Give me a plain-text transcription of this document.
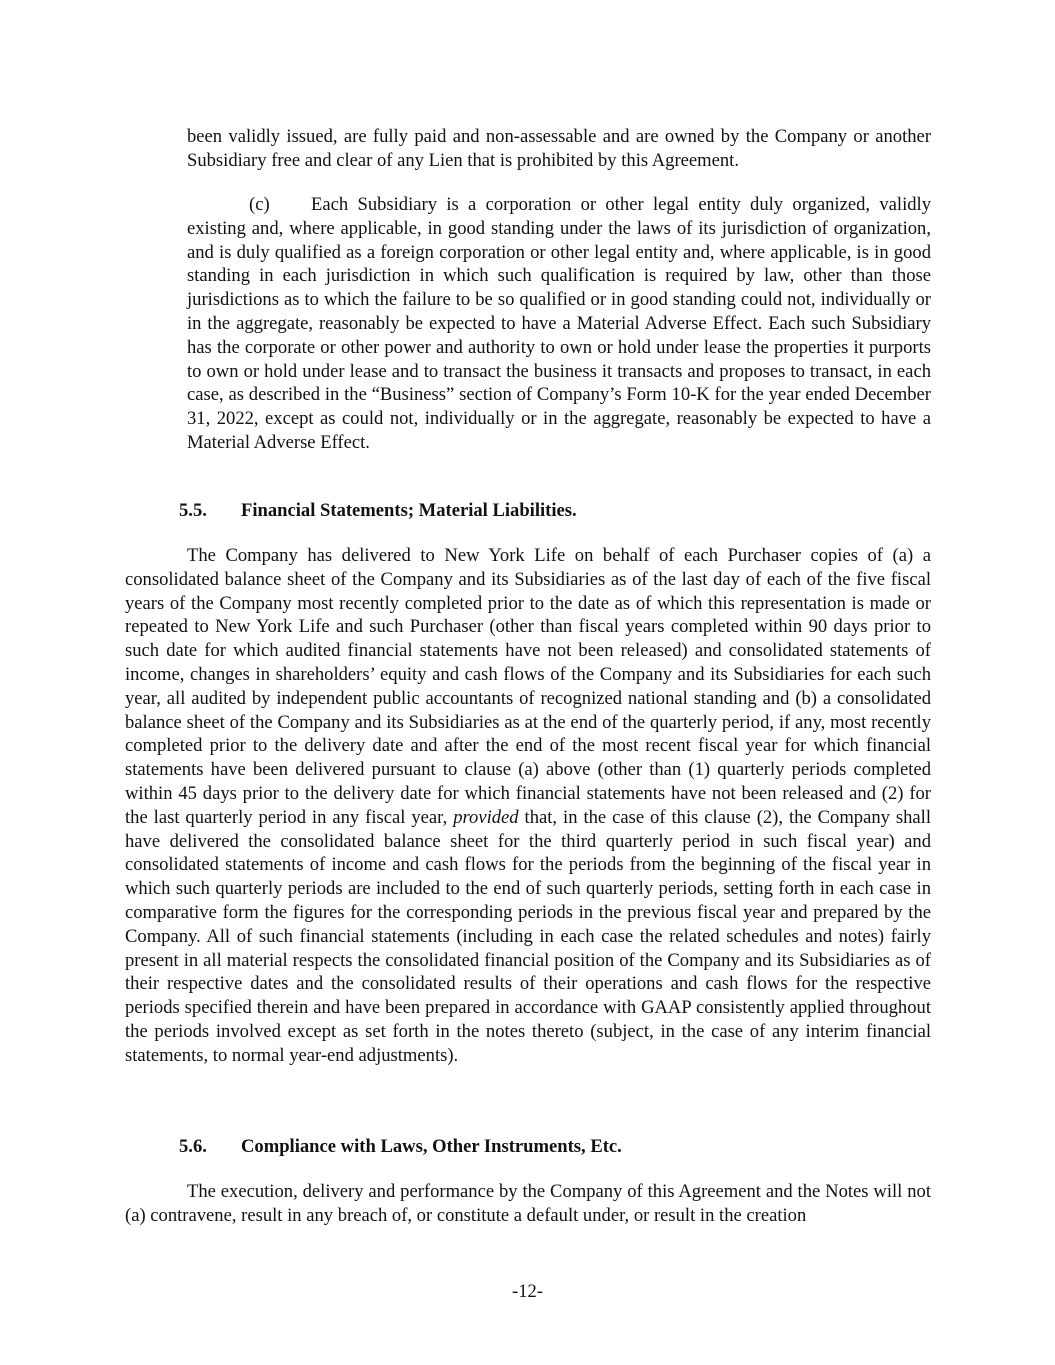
been validly issued, are fully paid and non-assessable and are owned by the Company or another Subsidiary free and clear of any Lien that is prohibited by this Agreement.

(c) Each Subsidiary is a corporation or other legal entity duly organized, validly existing and, where applicable, in good standing under the laws of its jurisdiction of organization, and is duly qualified as a foreign corporation or other legal entity and, where applicable, is in good standing in each jurisdiction in which such qualification is required by law, other than those jurisdictions as to which the failure to be so qualified or in good standing could not, individually or in the aggregate, reasonably be expected to have a Material Adverse Effect. Each such Subsidiary has the corporate or other power and authority to own or hold under lease the properties it purports to own or hold under lease and to transact the business it transacts and proposes to transact, in each case, as described in the “Business” section of Company’s Form 10-K for the year ended December 31, 2022, except as could not, individually or in the aggregate, reasonably be expected to have a Material Adverse Effect.

5.5. Financial Statements; Material Liabilities.

The Company has delivered to New York Life on behalf of each Purchaser copies of (a) a consolidated balance sheet of the Company and its Subsidiaries as of the last day of each of the five fiscal years of the Company most recently completed prior to the date as of which this representation is made or repeated to New York Life and such Purchaser (other than fiscal years completed within 90 days prior to such date for which audited financial statements have not been released) and consolidated statements of income, changes in shareholders’ equity and cash flows of the Company and its Subsidiaries for each such year, all audited by independent public accountants of recognized national standing and (b) a consolidated balance sheet of the Company and its Subsidiaries as at the end of the quarterly period, if any, most recently completed prior to the delivery date and after the end of the most recent fiscal year for which financial statements have been delivered pursuant to clause (a) above (other than (1) quarterly periods completed within 45 days prior to the delivery date for which financial statements have not been released and (2) for the last quarterly period in any fiscal year, provided that, in the case of this clause (2), the Company shall have delivered the consolidated balance sheet for the third quarterly period in such fiscal year) and consolidated statements of income and cash flows for the periods from the beginning of the fiscal year in which such quarterly periods are included to the end of such quarterly periods, setting forth in each case in comparative form the figures for the corresponding periods in the previous fiscal year and prepared by the Company. All of such financial statements (including in each case the related schedules and notes) fairly present in all material respects the consolidated financial position of the Company and its Subsidiaries as of their respective dates and the consolidated results of their operations and cash flows for the respective periods specified therein and have been prepared in accordance with GAAP consistently applied throughout the periods involved except as set forth in the notes thereto (subject, in the case of any interim financial statements, to normal year-end adjustments).

5.6. Compliance with Laws, Other Instruments, Etc.

The execution, delivery and performance by the Company of this Agreement and the Notes will not (a) contravene, result in any breach of, or constitute a default under, or result in the creation

-12-
